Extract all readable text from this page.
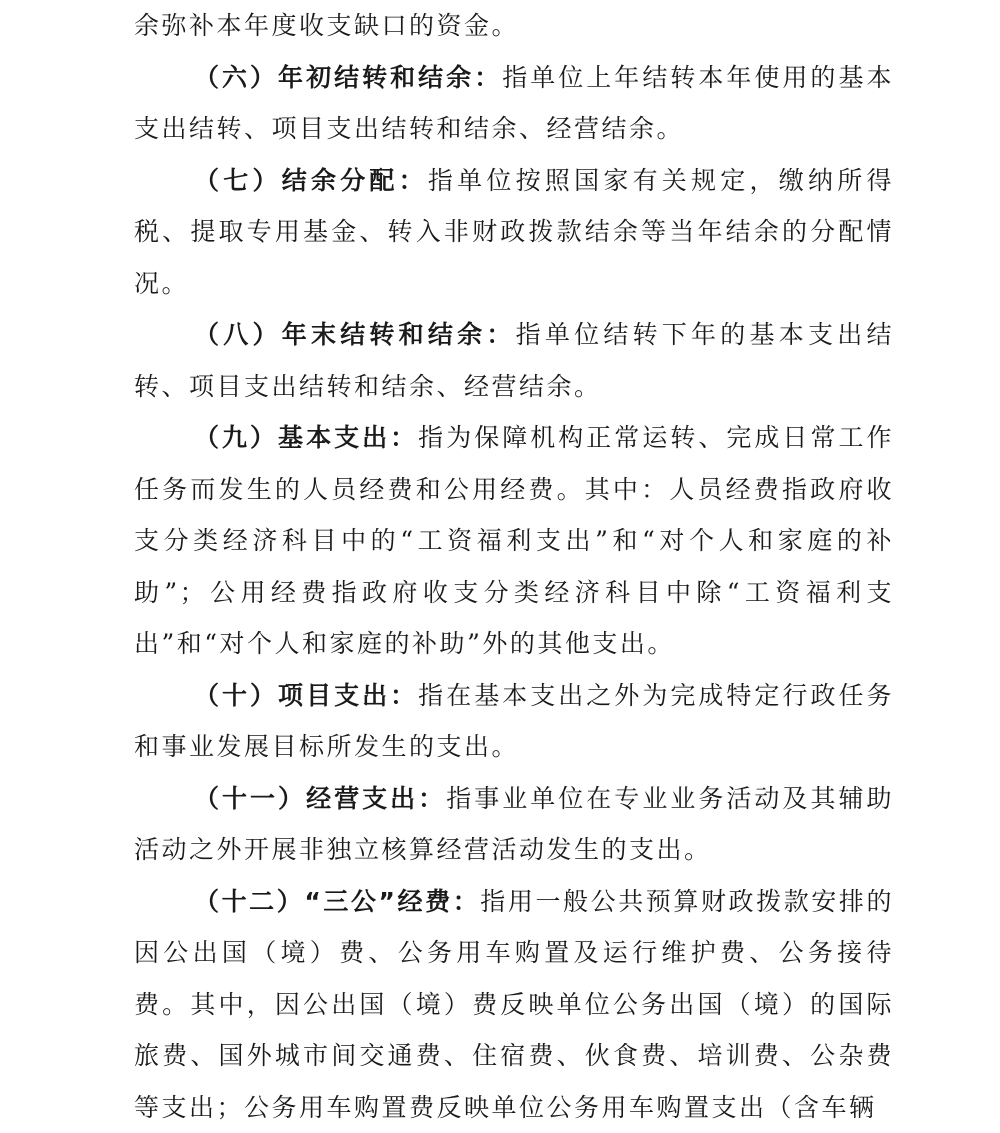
余弥补本年度收支缺口的资金。

（六）年初结转和结余：指单位上年结转本年使用的基本支出结转、项目支出结转和结余、经营结余。

（七）结余分配：指单位按照国家有关规定，缴纳所得税、提取专用基金、转入非财政拨款结余等当年结余的分配情况。

（八）年末结转和结余：指单位结转下年的基本支出结转、项目支出结转和结余、经营结余。

（九）基本支出：指为保障机构正常运转、完成日常工作任务而发生的人员经费和公用经费。其中：人员经费指政府收支分类经济科目中的“工资福利支出”和“对个人和家庭的补助”；公用经费指政府收支分类经济科目中除“工资福利支出”和“对个人和家庭的补助”外的其他支出。

（十）项目支出：指在基本支出之外为完成特定行政任务和事业发展目标所发生的支出。

（十一）经营支出：指事业单位在专业业务活动及其辅助活动之外开展非独立核算经营活动发生的支出。

（十二）“三公”经费：指用一般公共预算财政拨款安排的因公出国（境）费、公务用车购置及运行维护费、公务接待费。其中，因公出国（境）费反映单位公务出国（境）的国际旅费、国外城市间交通费、住宿费、伙食费、培训费、公杂费等支出；公务用车购置费反映单位公务用车购置支出（含车辆
